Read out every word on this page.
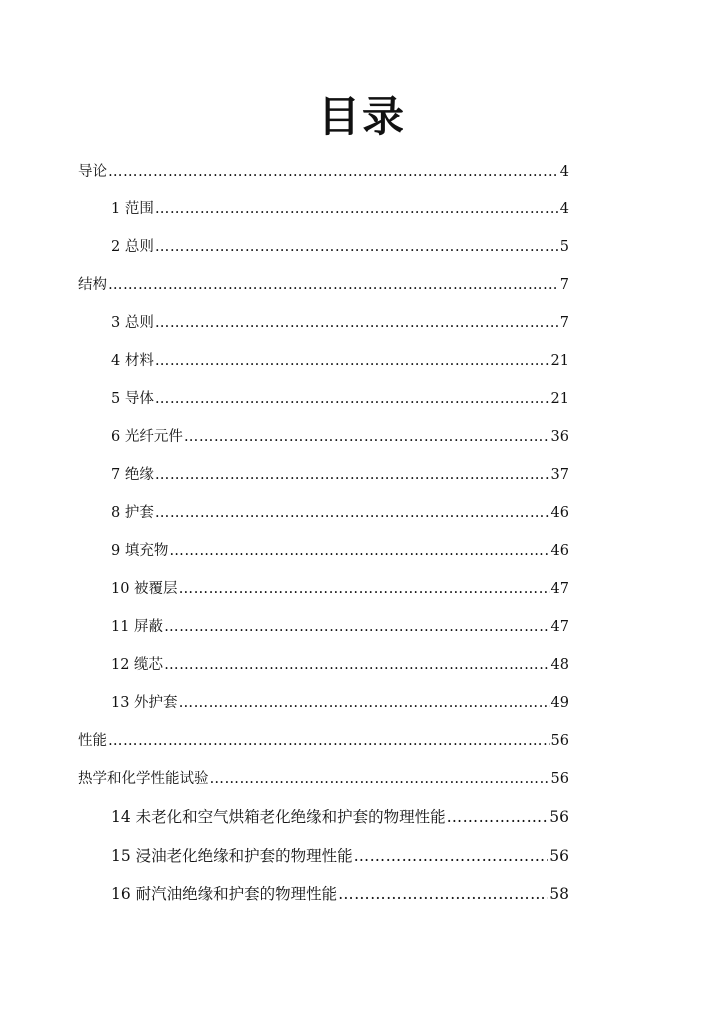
目录
导论 …………………………………………………………………………………………………………………………………………………………………………………………………………………………………………………	4
1 范围 …………………………………………………………………………………………………………………………………………………………………………………………………………………………………………………	4
2 总则 …………………………………………………………………………………………………………………………………………………………………………………………………………………………………………………	5
结构 …………………………………………………………………………………………………………………………………………………………………………………………………………………………………………………	7
3 总则 …………………………………………………………………………………………………………………………………………………………………………………………………………………………………………………	7
4 材料 …………………………………………………………………………………………………………………………………………………………………………………………………………………………………………………	21
5 导体 …………………………………………………………………………………………………………………………………………………………………………………………………………………………………………………	21
6 光纤元件 …………………………………………………………………………………………………………………………………………………………………………………………………………………………………………………	36
7 绝缘 …………………………………………………………………………………………………………………………………………………………………………………………………………………………………………………	37
8 护套 …………………………………………………………………………………………………………………………………………………………………………………………………………………………………………………	46
9 填充物 …………………………………………………………………………………………………………………………………………………………………………………………………………………………………………………	46
10 被覆层 …………………………………………………………………………………………………………………………………………………………………………………………………………………………………………………	47
11 屏蔽 …………………………………………………………………………………………………………………………………………………………………………………………………………………………………………………	47
12 缆芯 …………………………………………………………………………………………………………………………………………………………………………………………………………………………………………………	48
13 外护套 …………………………………………………………………………………………………………………………………………………………………………………………………………………………………………………	49
性能 …………………………………………………………………………………………………………………………………………………………………………………………………………………………………………………	56
热学和化学性能试验 …………………………………………………………………………………………………………………………………………………………………………………………………………………………………………………	56
14 未老化和空气烘箱老化绝缘和护套的物理性能 …………………………………………………………………………………………………………………………………………………………………………………………………………………………………………………	56
15 浸油老化绝缘和护套的物理性能 …………………………………………………………………………………………………………………………………………………………………………………………………………………………………………………	56
16 耐汽油绝缘和护套的物理性能 …………………………………………………………………………………………………………………………………………………………………………………………………………………………………………………	58
